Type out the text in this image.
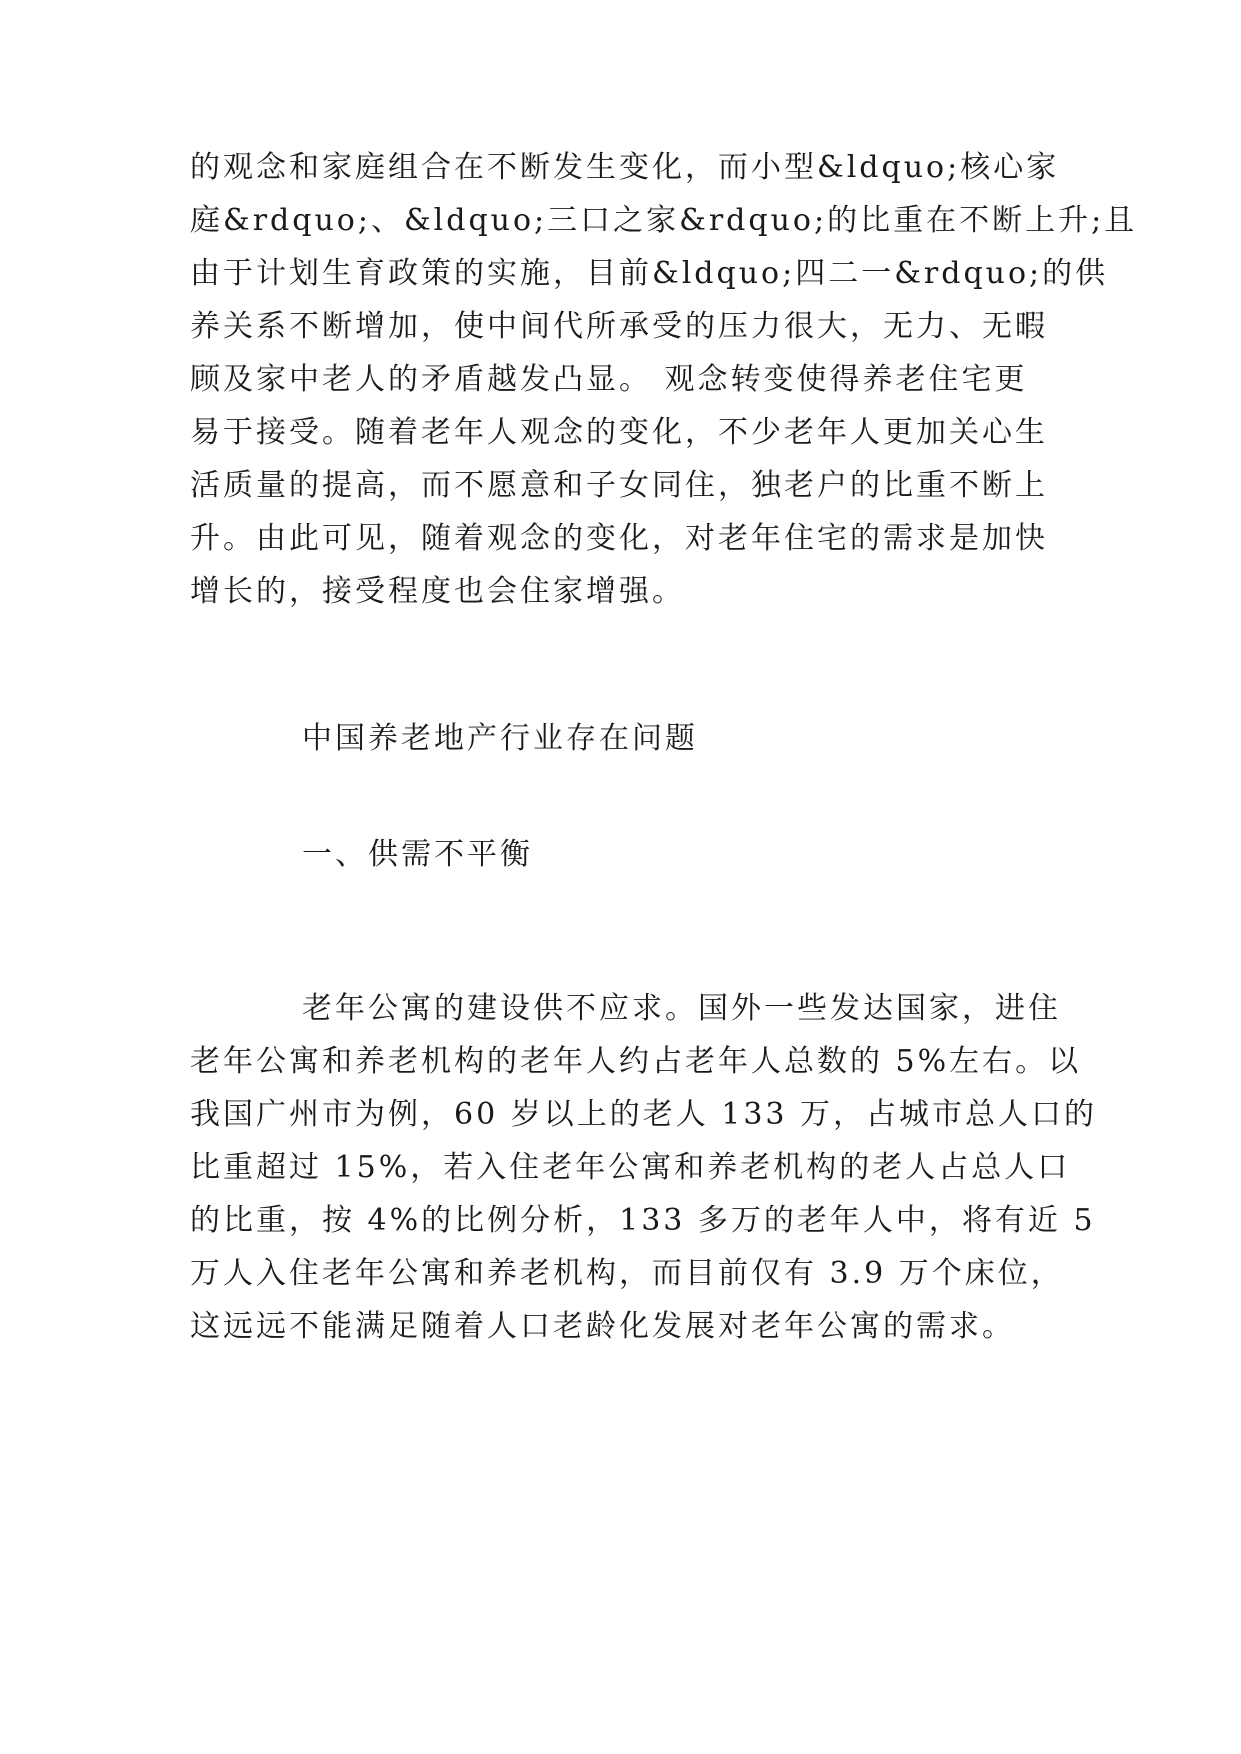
的观念和家庭组合在不断发生变化，而小型&ldquo;核心家
庭&rdquo;、&ldquo;三口之家&rdquo;的比重在不断上升;且
由于计划生育政策的实施，目前&ldquo;四二一&rdquo;的供
养关系不断增加，使中间代所承受的压力很大，无力、无暇
顾及家中老人的矛盾越发凸显。 观念转变使得养老住宅更
易于接受。随着老年人观念的变化，不少老年人更加关心生
活质量的提高，而不愿意和子女同住，独老户的比重不断上
升。由此可见，随着观念的变化，对老年住宅的需求是加快
增长的，接受程度也会住家增强。
中国养老地产行业存在问题
一、供需不平衡
老年公寓的建设供不应求。国外一些发达国家，进住
老年公寓和养老机构的老年人约占老年人总数的 5%左右。以
我国广州市为例，60 岁以上的老人 133 万，占城市总人口的
比重超过 15%，若入住老年公寓和养老机构的老人占总人口
的比重，按 4%的比例分析，133 多万的老年人中，将有近 5
万人入住老年公寓和养老机构，而目前仅有 3.9 万个床位，
这远远不能满足随着人口老龄化发展对老年公寓的需求。
